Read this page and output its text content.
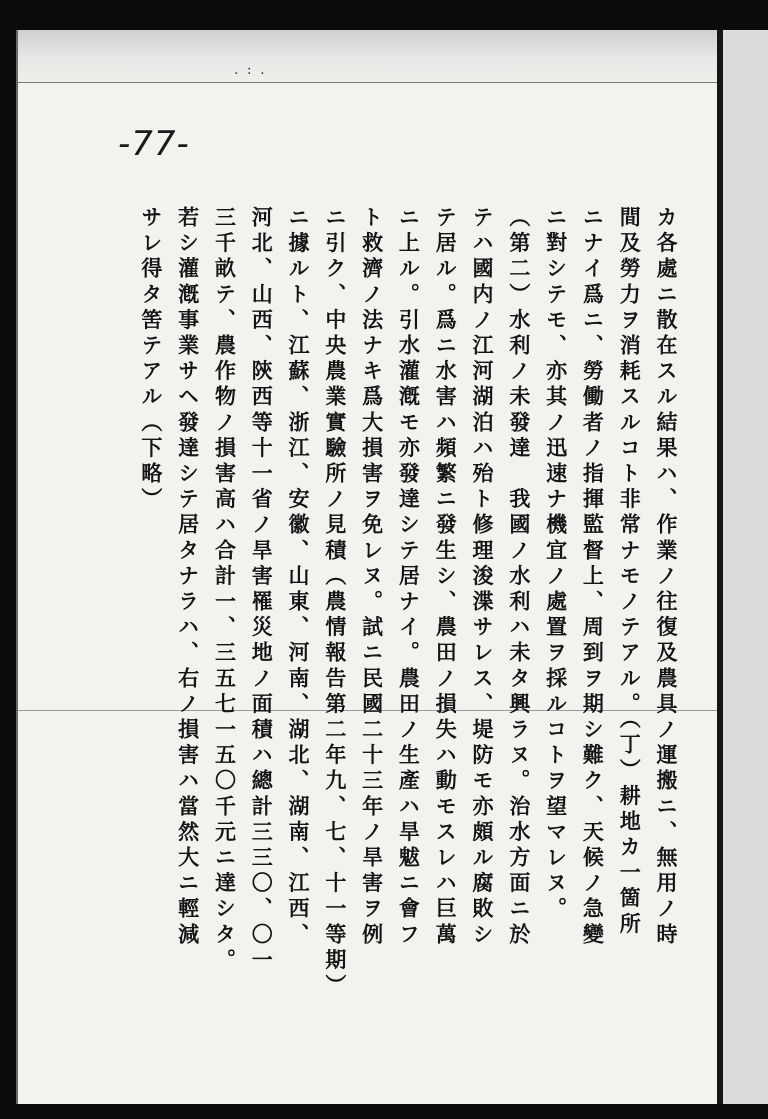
. : .
-77-
カ各處ニ散在スル結果ハ、作業ノ往復及農具ノ運搬ニ、無用ノ時
間及勞力ヲ消耗スルコト非常ナモノテアル。（丁）耕地カ一箇所
ニナイ爲ニ、勞働者ノ指揮監督上、周到ヲ期シ難ク、天候ノ急變
ニ對シテモ、亦其ノ迅速ナ機宜ノ處置ヲ採ルコトヲ望マレヌ。
（第二）水利ノ未發達　我國ノ水利ハ未タ興ラヌ。治水方面ニ於
テハ國内ノ江河湖泊ハ殆ト修理浚渫サレス、堤防モ亦頗ル腐敗シ
テ居ル。爲ニ水害ハ頻繁ニ發生シ、農田ノ損失ハ動モスレハ巨萬
ニ上ル。引水灌漑モ亦發達シテ居ナイ。農田ノ生產ハ旱魃ニ會フ
ト救濟ノ法ナキ爲大損害ヲ免レヌ。試ニ民國二十三年ノ旱害ヲ例
ニ引ク、中央農業實驗所ノ見積（農情報告第二年九、七、十一等期）
ニ據ルト、江蘇、浙江、安徽、山東、河南、湖北、湖南、江西、
河北、山西、陝西等十一省ノ旱害罹災地ノ面積ハ總計三三〇、〇一
三千畝テ、農作物ノ損害高ハ合計一、三五七一五〇千元ニ達シタ。
若シ灌漑事業サヘ發達シテ居タナラハ、右ノ損害ハ當然大ニ輕減
サレ得タ筈テアル（下略）
